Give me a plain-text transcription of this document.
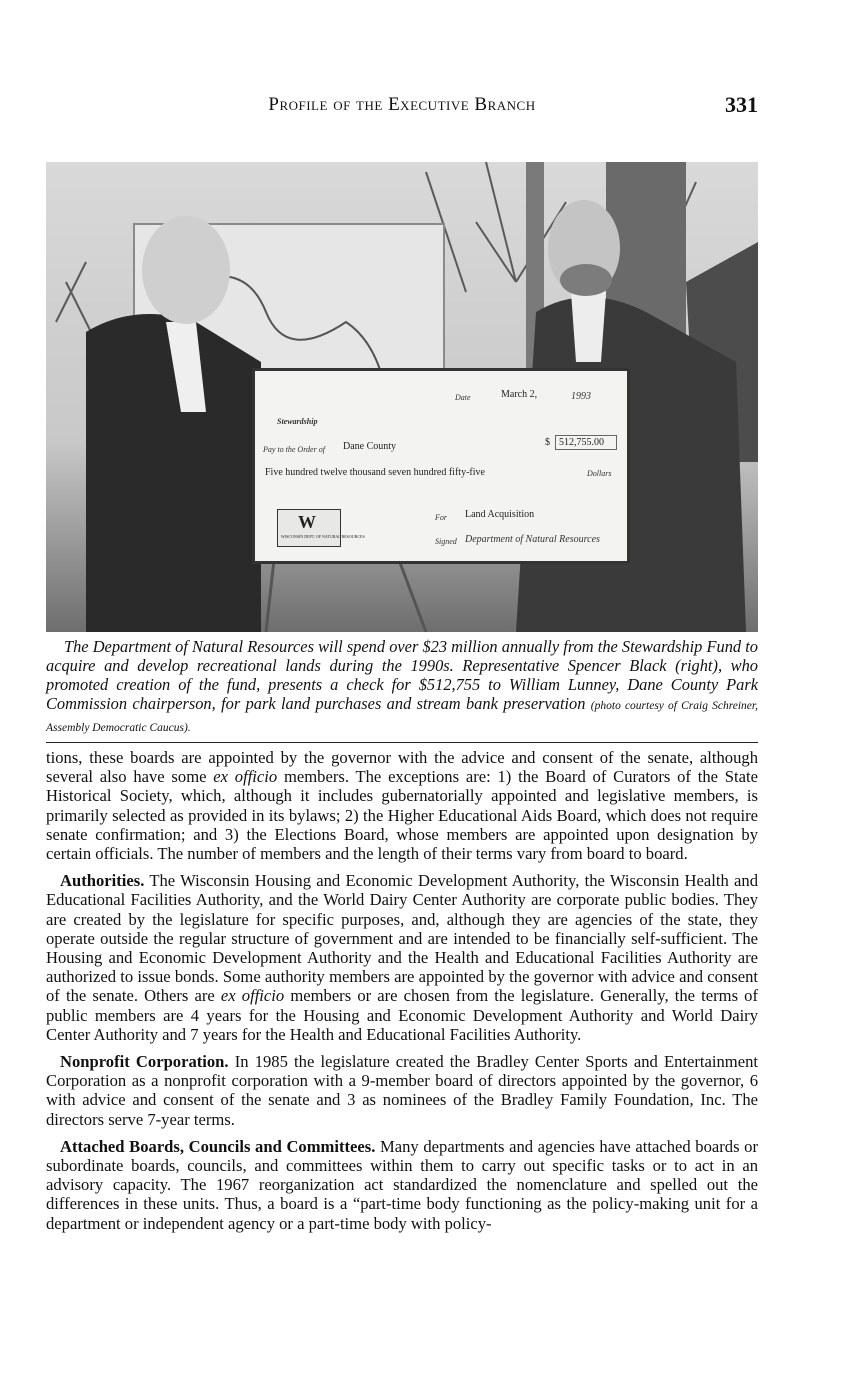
Profile of the Executive Branch	331
Date	March 2,	1993
Stewardship
Pay to the Order of Dane County	$ 512,755.00
Five hundred twelve thousand seven hundred fifty-five	Dollars
For Land Acquisition
Signed Department of Natural Resources
W
WISCONSIN DEPT. OF NATURAL RESOURCES
The Department of Natural Resources will spend over $23 million annually from the Stewardship Fund to acquire and develop recreational lands during the 1990s. Representative Spencer Black (right), who promoted creation of the fund, presents a check for $512,755 to William Lunney, Dane County Park Commission chairperson, for park land purchases and stream bank preservation (photo courtesy of Craig Schreiner, Assembly Democratic Caucus).

tions, these boards are appointed by the governor with the advice and consent of the senate, although several also have some ex officio members. The exceptions are: 1) the Board of Curators of the State Historical Society, which, although it includes gubernatorially appointed and legislative members, is primarily selected as provided in its bylaws; 2) the Higher Educational Aids Board, which does not require senate confirmation; and 3) the Elections Board, whose members are appointed upon designation by certain officials. The number of members and the length of their terms vary from board to board.

Authorities. The Wisconsin Housing and Economic Development Authority, the Wisconsin Health and Educational Facilities Authority, and the World Dairy Center Authority are corporate public bodies. They are created by the legislature for specific purposes, and, although they are agencies of the state, they operate outside the regular structure of government and are intended to be financially self-sufficient. The Housing and Economic Development Authority and the Health and Educational Facilities Authority are authorized to issue bonds. Some authority members are appointed by the governor with advice and consent of the senate. Others are ex officio members or are chosen from the legislature. Generally, the terms of public members are 4 years for the Housing and Economic Development Authority and World Dairy Center Authority and 7 years for the Health and Educational Facilities Authority.

Nonprofit Corporation. In 1985 the legislature created the Bradley Center Sports and Entertainment Corporation as a nonprofit corporation with a 9-member board of directors appointed by the governor, 6 with advice and consent of the senate and 3 as nominees of the Bradley Family Foundation, Inc. The directors serve 7-year terms.

Attached Boards, Councils and Committees. Many departments and agencies have attached boards or subordinate boards, councils, and committees within them to carry out specific tasks or to act in an advisory capacity. The 1967 reorganization act standardized the nomenclature and spelled out the differences in these units. Thus, a board is a “part-time body functioning as the policy-making unit for a department or independent agency or a part-time body with policy-
